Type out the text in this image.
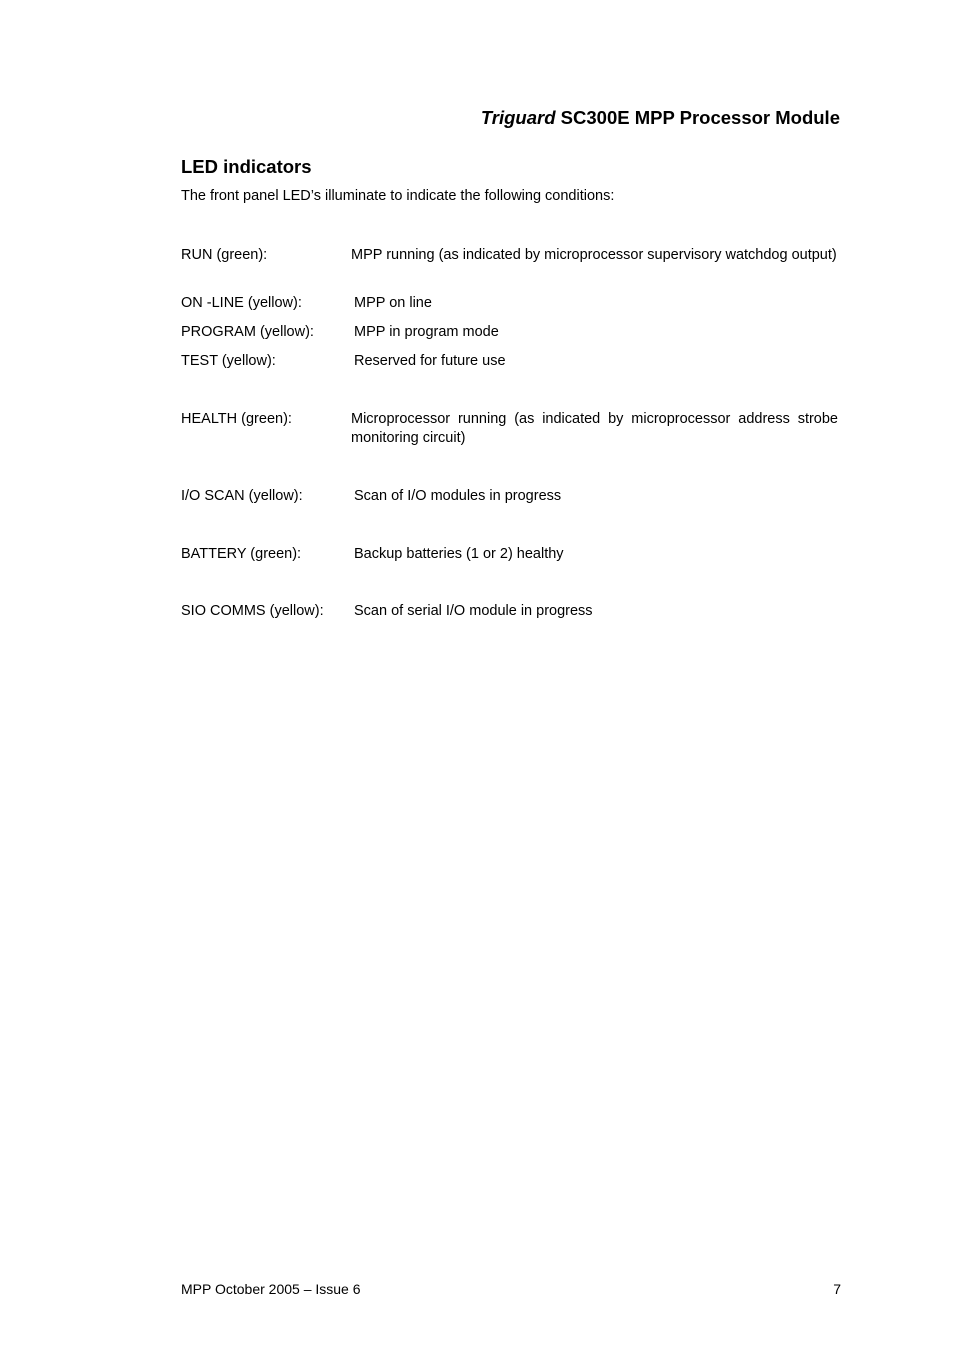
Triguard SC300E MPP Processor Module
LED indicators
The front panel LED’s illuminate to indicate the following conditions:
RUN (green):	MPP running (as indicated by microprocessor supervisory watchdog output)
ON -LINE (yellow):	MPP on line
PROGRAM (yellow):	MPP in program mode
TEST (yellow):	Reserved for future use
HEALTH (green):	Microprocessor running (as indicated by microprocessor address strobe monitoring circuit)
I/O SCAN (yellow):	Scan of I/O modules in progress
BATTERY (green):	Backup batteries (1 or 2) healthy
SIO COMMS (yellow): Scan of serial I/O module in progress
MPP October 2005 – Issue 6	7
